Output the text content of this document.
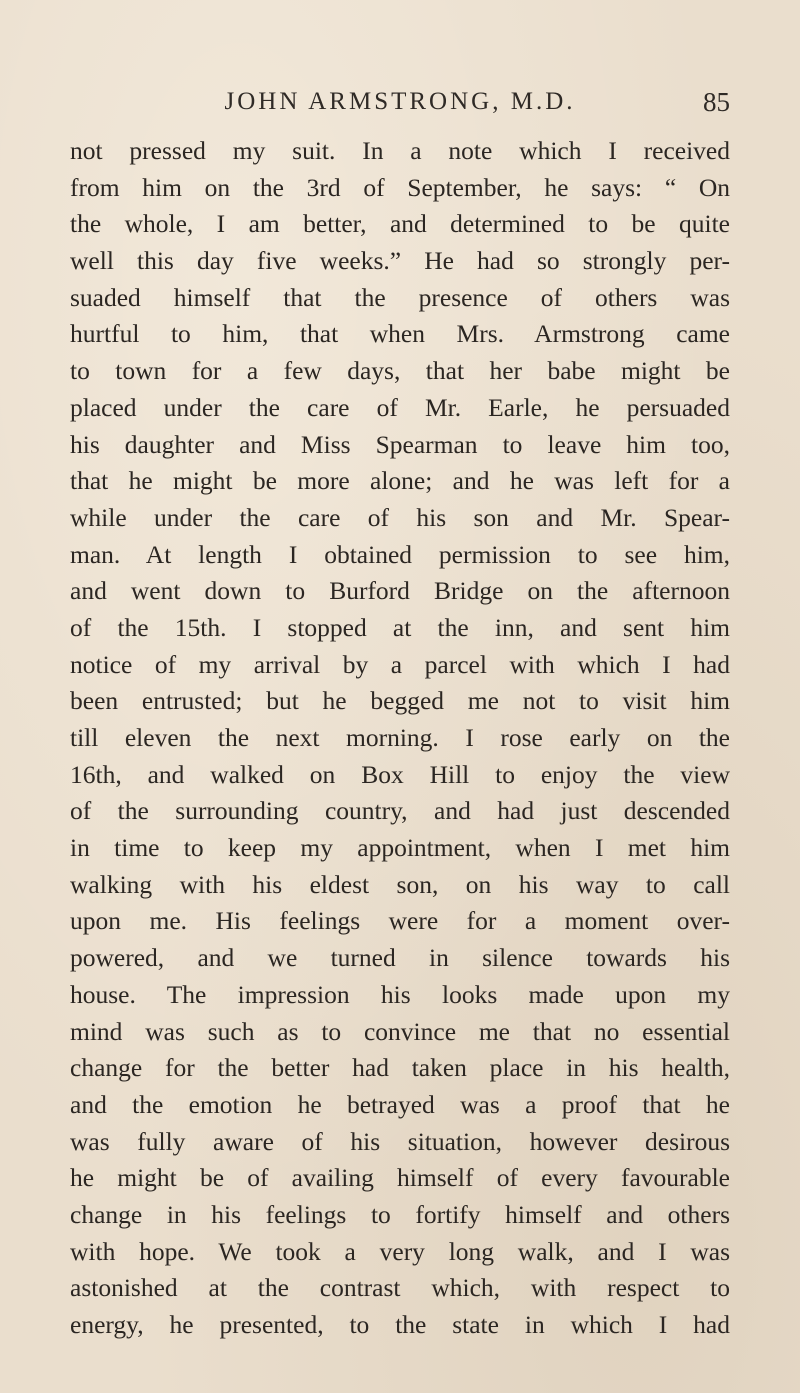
JOHN ARMSTRONG, M.D.	85
not pressed my suit. In a note which I received
from him on the 3rd of September, he says: “ On
the whole, I am better, and determined to be quite
well this day five weeks.” He had so strongly per-
suaded himself that the presence of others was
hurtful to him, that when Mrs. Armstrong came
to town for a few days, that her babe might be
placed under the care of Mr. Earle, he persuaded
his daughter and Miss Spearman to leave him too,
that he might be more alone; and he was left for a
while under the care of his son and Mr. Spear-
man. At length I obtained permission to see him,
and went down to Burford Bridge on the afternoon
of the 15th. I stopped at the inn, and sent him
notice of my arrival by a parcel with which I had
been entrusted; but he begged me not to visit him
till eleven the next morning. I rose early on the
16th, and walked on Box Hill to enjoy the view
of the surrounding country, and had just descended
in time to keep my appointment, when I met him
walking with his eldest son, on his way to call
upon me. His feelings were for a moment over-
powered, and we turned in silence towards his
house. The impression his looks made upon my
mind was such as to convince me that no essential
change for the better had taken place in his health,
and the emotion he betrayed was a proof that he
was fully aware of his situation, however desirous
he might be of availing himself of every favourable
change in his feelings to fortify himself and others
with hope. We took a very long walk, and I was
astonished at the contrast which, with respect to
energy, he presented, to the state in which I had
